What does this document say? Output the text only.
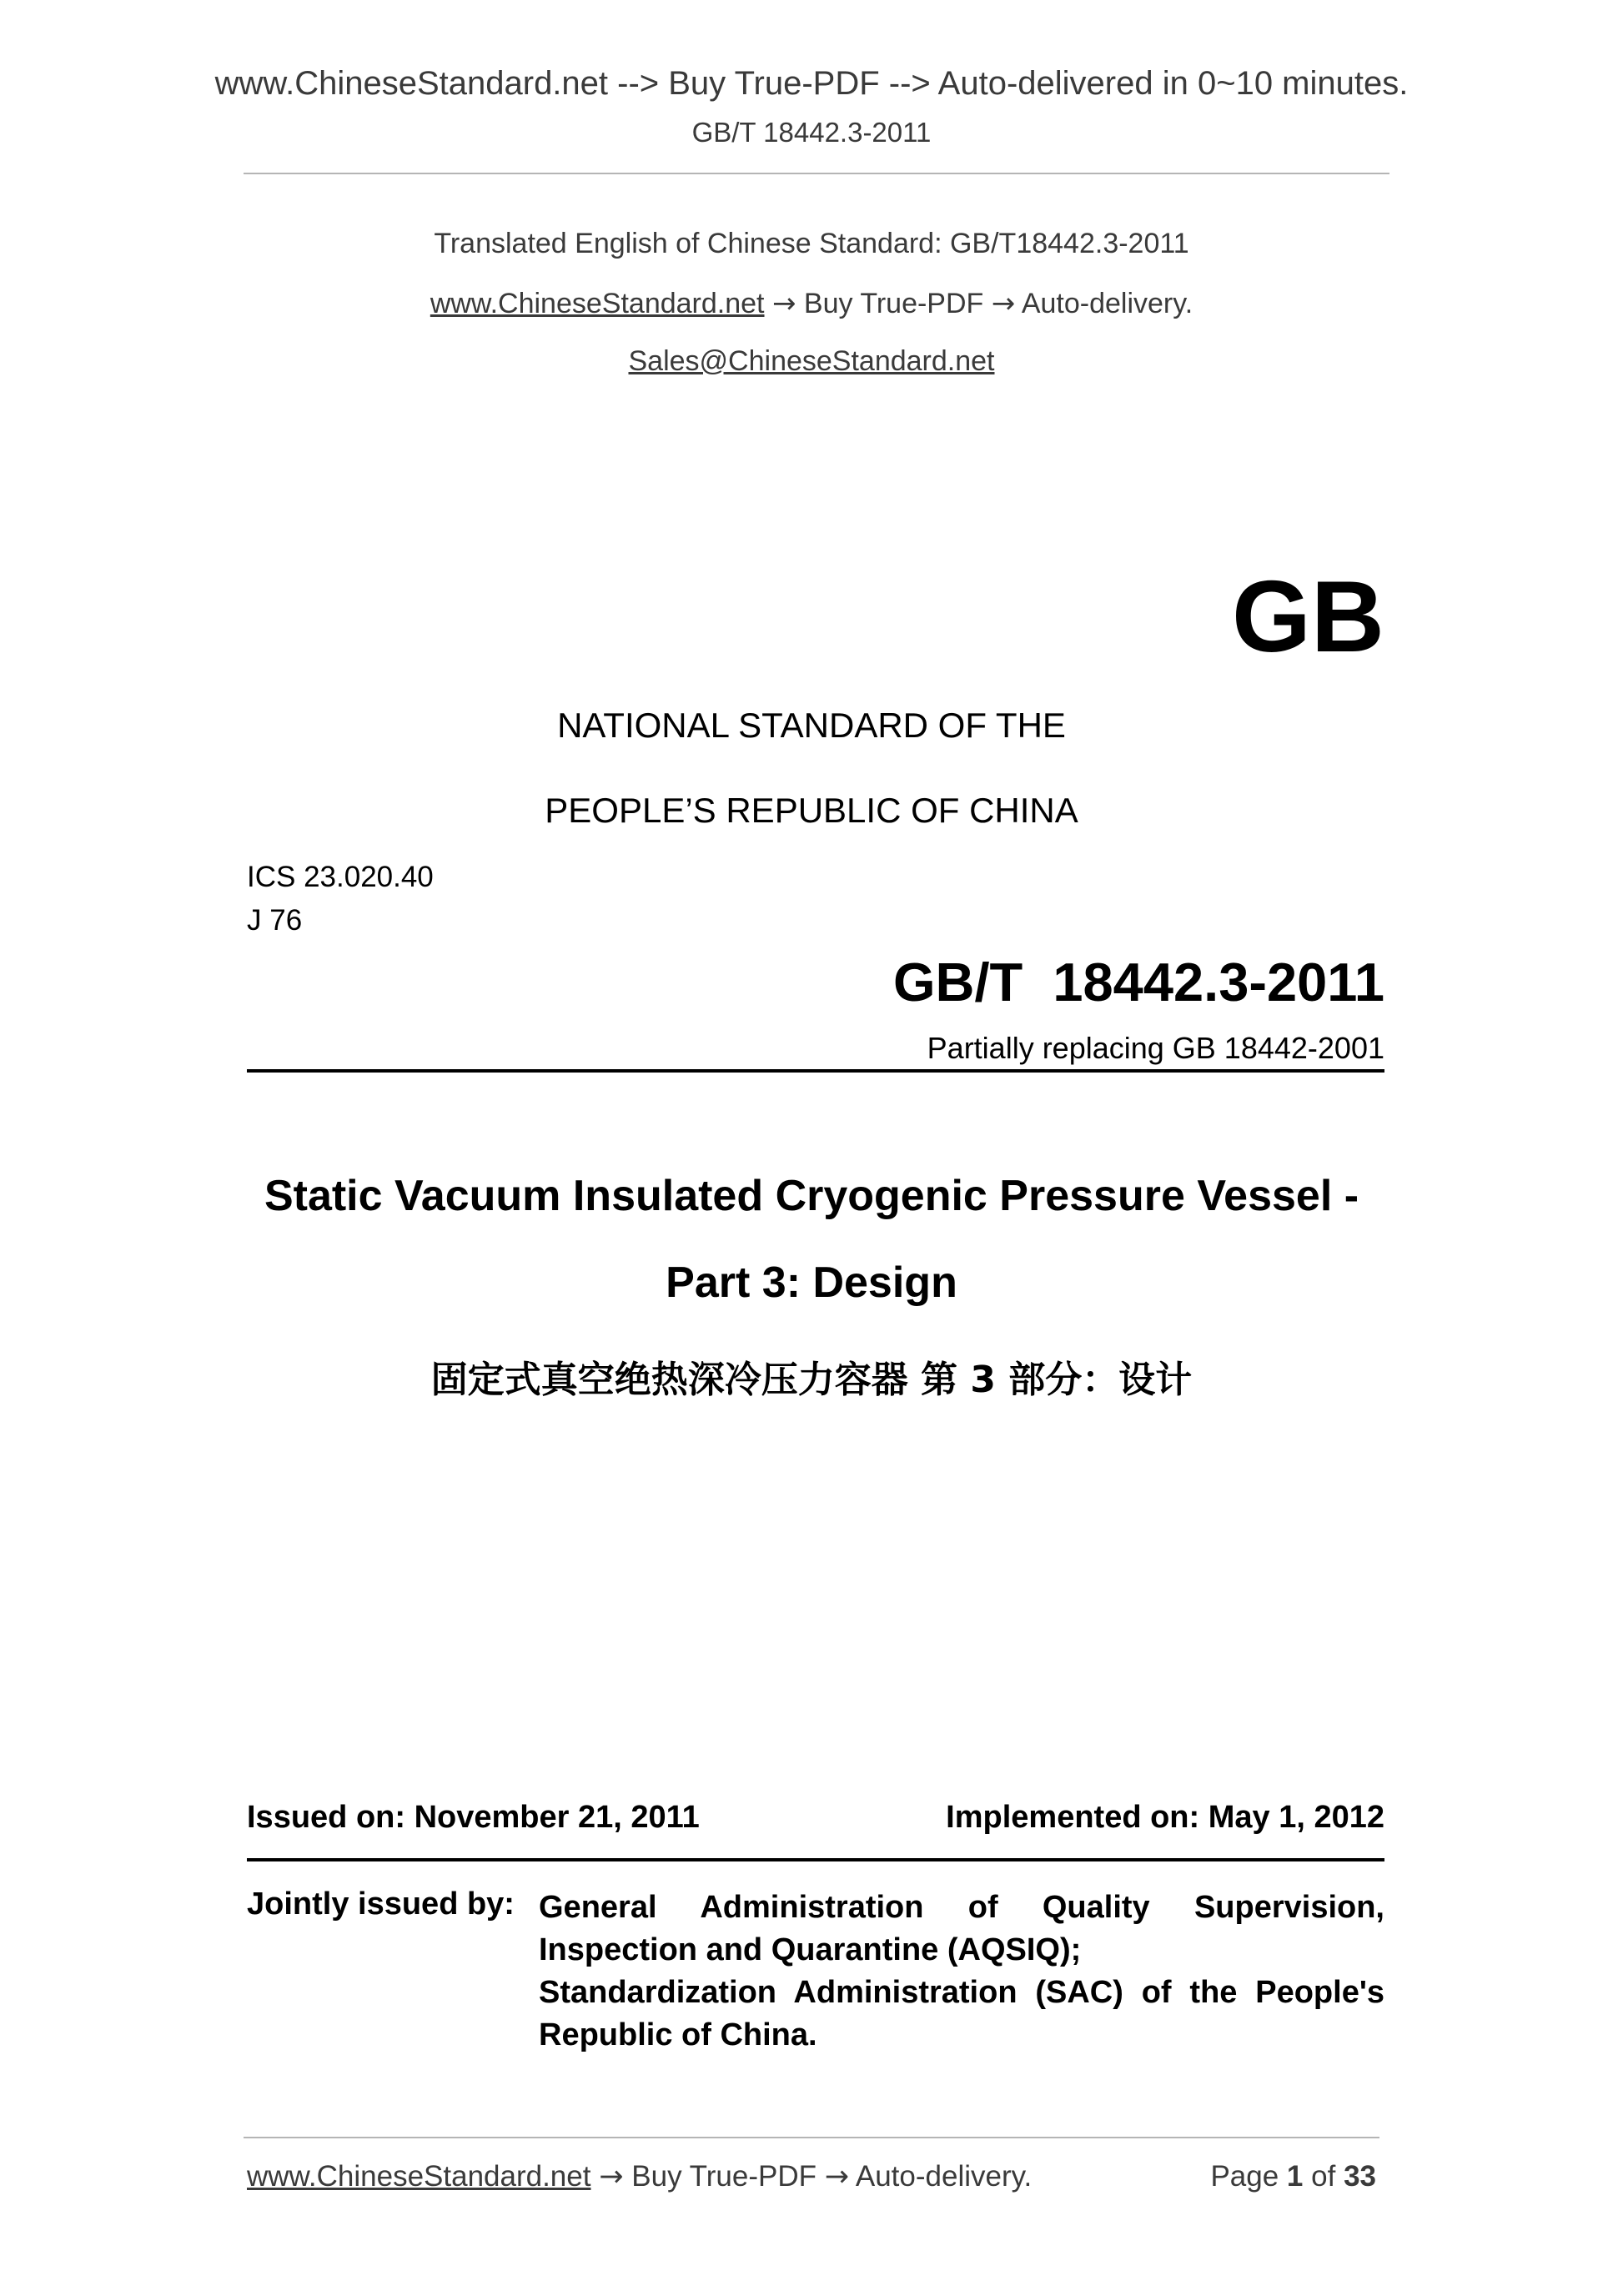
www.ChineseStandard.net --> Buy True-PDF --> Auto-delivered in 0~10 minutes.
GB/T 18442.3-2011
Translated English of Chinese Standard: GB/T18442.3-2011
www.ChineseStandard.net → Buy True-PDF → Auto-delivery.
Sales@ChineseStandard.net
GB
NATIONAL STANDARD OF THE
PEOPLE’S REPUBLIC OF CHINA
ICS 23.020.40
J 76
GB/T  18442.3-2011
Partially replacing GB 18442-2001
Static Vacuum Insulated Cryogenic Pressure Vessel -
Part 3: Design
固定式真空绝热深冷压力容器 第 3 部分：设计
Issued on: November 21, 2011	Implemented on: May 1, 2012
Jointly issued by: General Administration of Quality Supervision,
Inspection and Quarantine (AQSIQ);
Standardization Administration (SAC) of the People's
Republic of China.
www.ChineseStandard.net → Buy True-PDF → Auto-delivery.	Page 1 of 33
